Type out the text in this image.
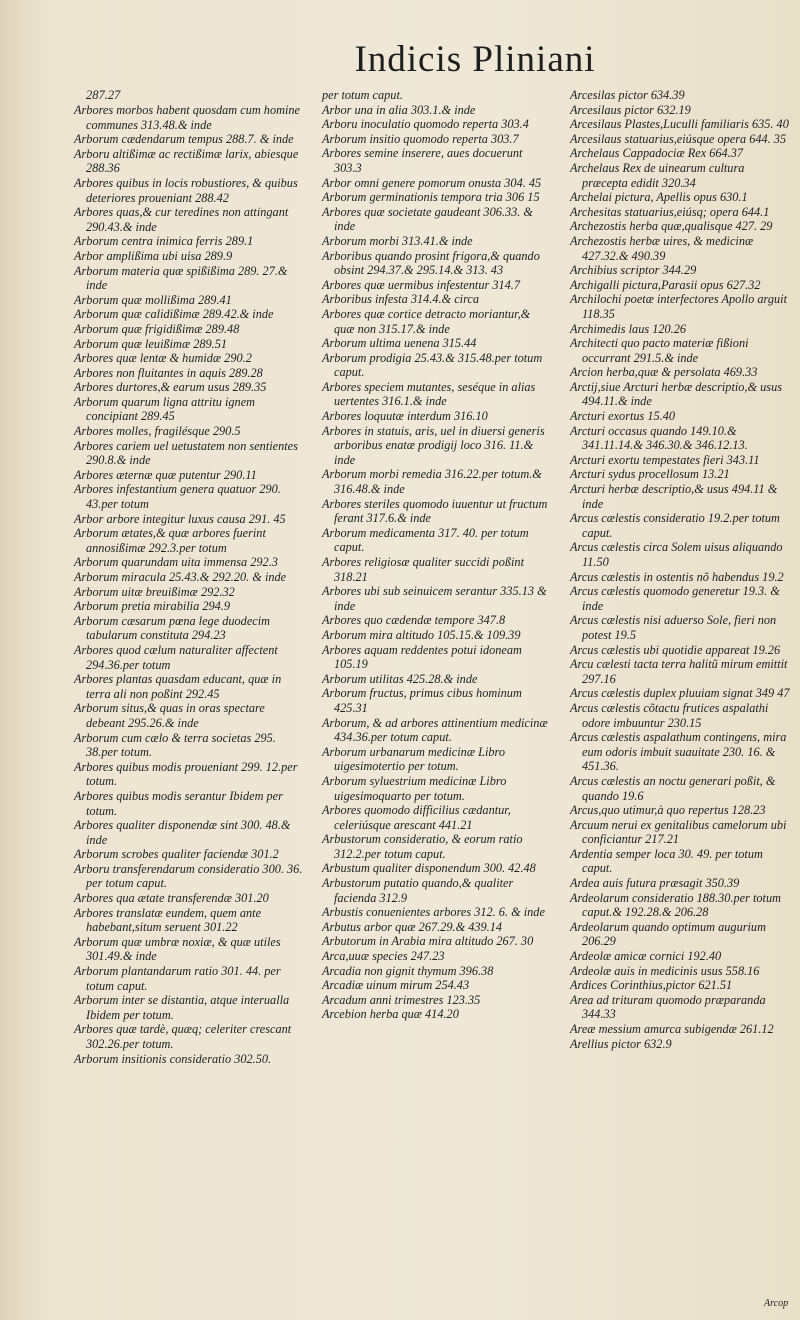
Indicis Pliniani
287.27

Arbores morbos habent quosdam cum homine communes 313.48.& inde

Arborum cædendarum tempus 288.7. & inde

Arboru altißimæ ac rectißimæ larix, abiesque 288.36

Arbores quibus in locis robustiores, & quibus deteriores proueniant 288.42

Arbores quas,& cur teredines non attingant 290.43.& inde

Arborum centra inimica ferris 289.1

Arbor amplißima ubi uisa 289.9

Arborum materia quæ spißißima 289. 27.& inde

Arborum quæ mollißima 289.41

Arborum quæ calidißimæ 289.42.& inde

Arborum quæ frigidißimæ 289.48

Arborum quæ leuißimæ 289.51

Arbores quæ lentæ & humidæ 290.2

Arbores non fluitantes in aquis 289.28

Arbores durtores,& earum usus 289.35

Arborum quarum ligna attritu ignem concipiant 289.45

Arbores molles, fragilésque 290.5

Arbores cariem uel uetustatem non sentientes 290.8.& inde

Arbores æternæ quæ putentur 290.11

Arbores infestantium genera quatuor 290. 43.per totum

Arbor arbore integitur luxus causa 291. 45

Arborum ætates,& quæ arbores fuerint annosißimæ 292.3.per totum

Arborum quarundam uita immensa 292.3

Arborum miracula 25.43.& 292.20. & inde

Arborum uitæ breuißimæ 292.32

Arborum pretia mirabilia 294.9

Arborum cæsarum pœna lege duodecim tabularum constituta 294.23

Arbores quod cælum naturaliter affectent 294.36.per totum

Arbores plantas quasdam educant, quæ in terra ali non poßint 292.45

Arborum situs,& quas in oras spectare debeant 295.26.& inde

Arborum cum cælo & terra societas 295. 38.per totum.

Arbores quibus modis proueniant 299. 12.per totum.

Arbores quibus modis serantur Ibidem per totum.

Arbores qualiter disponendæ sint 300. 48.& inde

Arborum scrobes qualiter faciendæ 301.2

Arboru transferendarum consideratio 300. 36. per totum caput.

Arbores qua ætate transferendæ 301.20

Arbores translatæ eundem, quem ante habebant,situm seruent 301.22

Arborum quæ umbræ noxiæ, & quæ utiles 301.49.& inde

Arborum plantandarum ratio 301. 44. per totum caput.

Arborum inter se distantia, atque interualla Ibidem per totum.

Arbores quæ tardè, quæq; celeriter crescant 302.26.per totum.

Arborum insitionis consideratio 302.50.

per totum caput.

Arbor una in alia 303.1.& inde

Arboru inoculatio quomodo reperta 303.4

Arborum insitio quomodo reperta 303.7

Arbores semine inserere, aues docuerunt 303.3

Arbor omni genere pomorum onusta 304. 45

Arborum germinationis tempora tria 306 15

Arbores quæ societate gaudeant 306.33. & inde

Arborum morbi 313.41.& inde

Arboribus quando prosint frigora,& quando obsint 294.37.& 295.14.& 313. 43

Arbores quæ uermibus infestentur 314.7

Arboribus infesta 314.4.& circa

Arbores quæ cortice detracto moriantur,& quæ non 315.17.& inde

Arborum ultima uenena 315.44

Arborum prodigia 25.43.& 315.48.per totum caput.

Arbores speciem mutantes, seséque in alias uertentes 316.1.& inde

Arbores loquutæ interdum 316.10

Arbores in statuis, aris, uel in diuersi generis arboribus enatæ prodigij loco 316. 11.& inde

Arborum morbi remedia 316.22.per totum.& 316.48.& inde

Arbores steriles quomodo iuuentur ut fructum ferant 317.6.& inde

Arborum medicamenta 317. 40. per totum caput.

Arbores religiosæ qualiter succidi poßint 318.21

Arbores ubi sub seinuicem serantur 335.13 & inde

Arbores quo cædendæ tempore 347.8

Arborum mira altitudo 105.15.& 109.39

Arbores aquam reddentes potui idoneam 105.19

Arborum utilitas 425.28.& inde

Arborum fructus, primus cibus hominum 425.31

Arborum, & ad arbores attinentium medicinæ 434.36.per totum caput.

Arborum urbanarum medicinæ Libro uigesimotertio per totum.

Arborum syluestrium medicinæ Libro uigesimoquarto per totum.

Arbores quomodo difficilius cædantur, celeriúsque arescant 441.21

Arbustorum consideratio, & eorum ratio 312.2.per totum caput.

Arbustum qualiter disponendum 300. 42.48

Arbustorum putatio quando,& qualiter facienda 312.9

Arbustis conuenientes arbores 312. 6. & inde

Arbutus arbor quæ 267.29.& 439.14

Arbutorum in Arabia mira altitudo 267. 30

Arca,uuæ species 247.23

Arcadia non gignit thymum 396.38

Arcadiæ uinum mirum 254.43

Arcadum anni trimestres 123.35

Arcebion herba quæ 414.20

Arcesilas pictor 634.39

Arcesilaus pictor 632.19

Arcesilaus Plastes,Luculli familiaris 635. 40

Arcesilaus statuarius,eiúsque opera 644. 35

Archelaus Cappadociæ Rex 664.37

Archelaus Rex de uinearum cultura præcepta edidit 320.34

Archelai pictura, Apellis opus 630.1

Archesitas statuarius,eiúsq; opera 644.1

Archezostis herba quæ,qualisque 427. 29

Archezostis herbæ uires, & medicinæ 427.32.& 490.39

Archibius scriptor 344.29

Archigalli pictura,Parasii opus 627.32

Archilochi poetæ interfectores Apollo arguit 118.35

Archimedis laus 120.26

Architecti quo pacto materiæ fißioni occurrant 291.5.& inde

Arcion herba,quæ & persolata 469.33

Arctij,siue Arcturi herbæ descriptio,& usus 494.11.& inde

Arcturi exortus 15.40

Arcturi occasus quando 149.10.& 341.11.14.& 346.30.& 346.12.13.

Arcturi exortu tempestates fieri 343.11

Arcturi sydus procellosum 13.21

Arcturi herbæ descriptio,& usus 494.11 & inde

Arcus cælestis consideratio 19.2.per totum caput.

Arcus cælestis circa Solem uisus aliquando 11.50

Arcus cælestis in ostentis nõ habendus 19.2

Arcus cælestis quomodo generetur 19.3. & inde

Arcus cælestis nisi aduerso Sole, fieri non potest 19.5

Arcus cælestis ubi quotidie appareat 19.26

Arcu cælesti tacta terra halitũ mirum emittit 297.16

Arcus cælestis duplex pluuiam signat 349 47

Arcus cælestis cõtactu frutices aspalathi odore imbuuntur 230.15

Arcus cælestis aspalathum contingens, mira eum odoris imbuit suauitate 230. 16. & 451.36.

Arcus cælestis an noctu generari poßit, & quando 19.6

Arcus,quo utimur,à quo repertus 128.23

Arcuum nerui ex genitalibus camelorum ubi conficiantur 217.21

Ardentia semper loca 30. 49. per totum caput.

Ardea auis futura præsagit 350.39

Ardeolarum consideratio 188.30.per totum caput.& 192.28.& 206.28

Ardeolarum quando optimum augurium 206.29

Ardeolæ amicæ cornici 192.40

Ardeolæ auis in medicinis usus 558.16

Ardices Corinthius,pictor 621.51

Area ad trituram quomodo præparanda 344.33

Areæ messium amurca subigendæ 261.12

Arellius pictor 632.9

Arcop
